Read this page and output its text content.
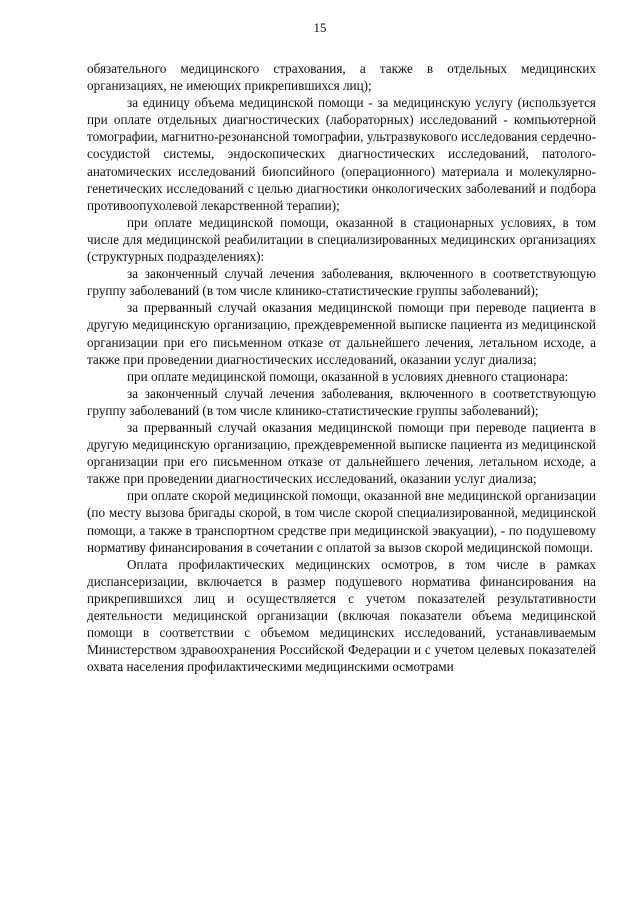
15

обязательного медицинского страхования, а также в отдельных медицинских организациях, не имеющих прикрепившихся лиц);

за единицу объема медицинской помощи - за медицинскую услугу (используется при оплате отдельных диагностических (лабораторных) исследований - компьютерной томографии, магнитно-резонансной томографии, ультразвукового исследования сердечно-сосудистой системы, эндоскопических диагностических исследований, патолого-анатомических исследований биопсийного (операционного) материала и молекулярно-генетических исследований с целью диагностики онкологических заболеваний и подбора противоопухолевой лекарственной терапии);

при оплате медицинской помощи, оказанной в стационарных условиях, в том числе для медицинской реабилитации в специализированных медицинских организациях (структурных подразделениях):

за законченный случай лечения заболевания, включенного в соответствующую группу заболеваний (в том числе клинико-статистические группы заболеваний);

за прерванный случай оказания медицинской помощи при переводе пациента в другую медицинскую организацию, преждевременной выписке пациента из медицинской организации при его письменном отказе от дальнейшего лечения, летальном исходе, а также при проведении диагностических исследований, оказании услуг диализа;

при оплате медицинской помощи, оказанной в условиях дневного стационара:

за законченный случай лечения заболевания, включенного в соответствующую группу заболеваний (в том числе клинико-статистические группы заболеваний);

за прерванный случай оказания медицинской помощи при переводе пациента в другую медицинскую организацию, преждевременной выписке пациента из медицинской организации при его письменном отказе от дальнейшего лечения, летальном исходе, а также при проведении диагностических исследований, оказании услуг диализа;

при оплате скорой медицинской помощи, оказанной вне медицинской организации (по месту вызова бригады скорой, в том числе скорой специализированной, медицинской помощи, а также в транспортном средстве при медицинской эвакуации), - по подушевому нормативу финансирования в сочетании с оплатой за вызов скорой медицинской помощи.

Оплата профилактических медицинских осмотров, в том числе в рамках диспансеризации, включается в размер подушевого норматива финансирования на прикрепившихся лиц и осуществляется с учетом показателей результативности деятельности медицинской организации (включая показатели объема медицинской помощи в соответствии с объемом медицинских исследований, устанавливаемым Министерством здравоохранения Российской Федерации и с учетом целевых показателей охвата населения профилактическими медицинскими осмотрами
